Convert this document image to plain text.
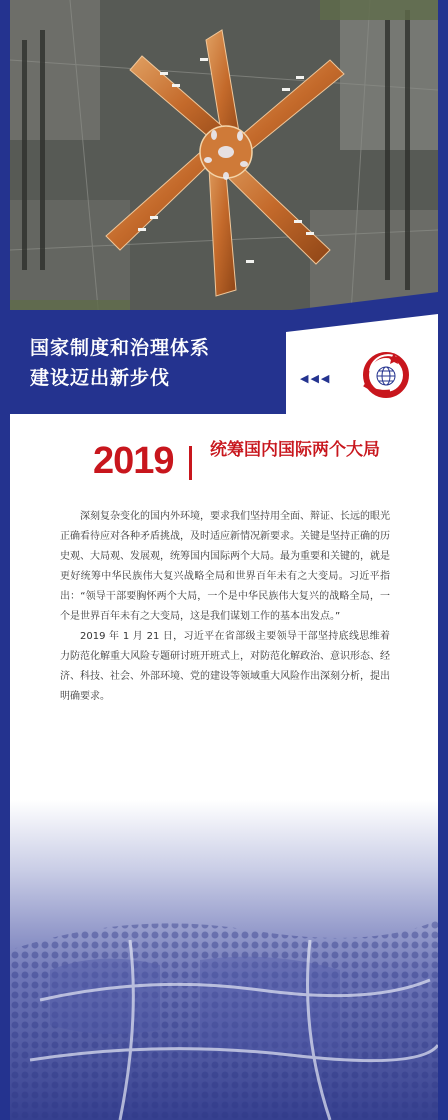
国家制度和治理体系
建设迈出新步伐	◀◀◀
2019 统筹国内国际两个大局

深刻复杂变化的国内外环境，要求我们坚持用全面、辩证、长远的眼光正确看待应对各种矛盾挑战，及时适应新情况新要求。关键是坚持正确的历史观、大局观、发展观，统筹国内国际两个大局。最为重要和关键的，就是更好统筹中华民族伟大复兴战略全局和世界百年未有之大变局。习近平指出：“领导干部要胸怀两个大局，一个是中华民族伟大复兴的战略全局，一个是世界百年未有之大变局，这是我们谋划工作的基本出发点。”

2019 年 1 月 21 日，习近平在省部级主要领导干部坚持底线思维着力防范化解重大风险专题研讨班开班式上，对防范化解政治、意识形态、经济、科技、社会、外部环境、党的建设等领域重大风险作出深刻分析，提出明确要求。
